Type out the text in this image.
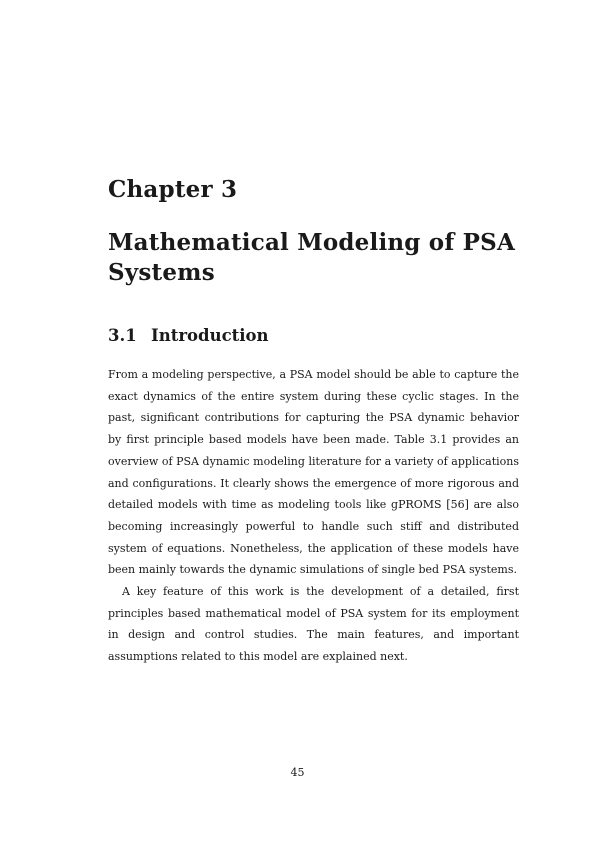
Chapter 3
Mathematical Modeling of PSA Systems
3.1 Introduction

From a modeling perspective, a PSA model should be able to capture the exact dynamics of the entire system during these cyclic stages. In the past, significant contributions for capturing the PSA dynamic behavior by first principle based models have been made. Table 3.1 provides an overview of PSA dynamic modeling literature for a variety of applications and configurations. It clearly shows the emergence of more rigorous and detailed models with time as modeling tools like gPROMS [56] are also becoming increasingly powerful to handle such stiff and distributed system of equations. Nonetheless, the application of these models have been mainly towards the dynamic simulations of single bed PSA systems.

A key feature of this work is the development of a detailed, first principles based mathematical model of PSA system for its employment in design and control studies. The main features, and important assumptions related to this model are explained next.

45
